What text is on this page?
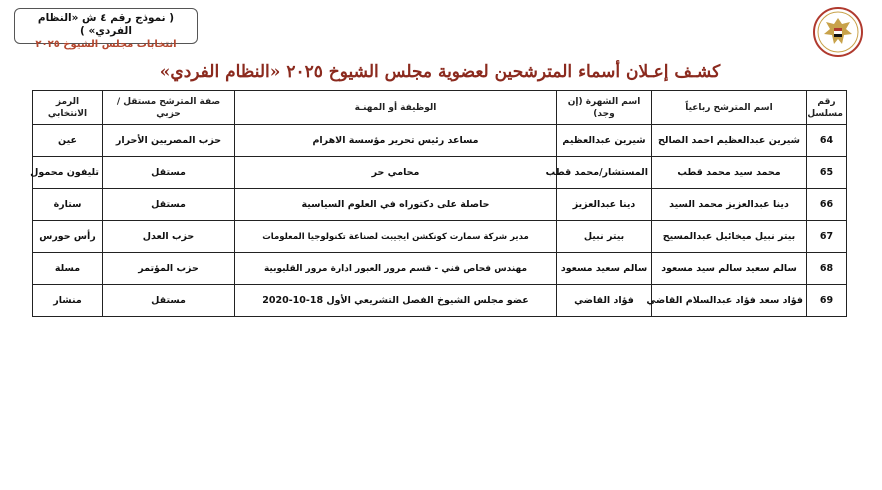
( نموذج رقم ٤ ش «النظام الفردي» )
انتخابات مجلس الشيوخ ٢٠٢٥
كشـف إعـلان أسماء المترشحين لعضوية مجلس الشيوخ ٢٠٢٥ «النظام الفردي»
رقم مسلسل	اسم المترشح رباعياً	اسم الشهرة (إن وجد)	الوظيفة أو المهنـة	صفة المترشح مستقل / حزبي	الرمز الانتخابي
64	شيرين عبدالعظيم احمد الصالح	شيرين عبدالعظيم	مساعد رئيس تحرير مؤسسة الاهرام	حزب المصريين الأحرار	عين
65	محمد سيد محمد قطب	المستشار/محمد قطب	محامي حر	مستقل	تليفون محمول
66	دينا عبدالعزيز محمد السيد	دينا عبدالعزيز	حاصلة على دكتوراه في العلوم السياسية	مستقل	ستارة
67	بيتر نبيل ميخائيل عبدالمسيح	بيتر نبيل	مدير شركة سمارت كونكشن ايجيبت لصناعة تكنولوجيا المعلومات	حزب العدل	رأس حورس
68	سالم سعيد سالم سيد مسعود	سالم سعيد مسعود	مهندس فحاص فني - قسم مرور العبور ادارة مرور القليوبية	حزب المؤتمر	مسلة
69	فؤاد سعد فؤاد عبدالسلام القاضي	فؤاد القاضي	عضو مجلس الشيوخ الفصل التشريعي الأول 18-10-2020	مستقل	منشار
